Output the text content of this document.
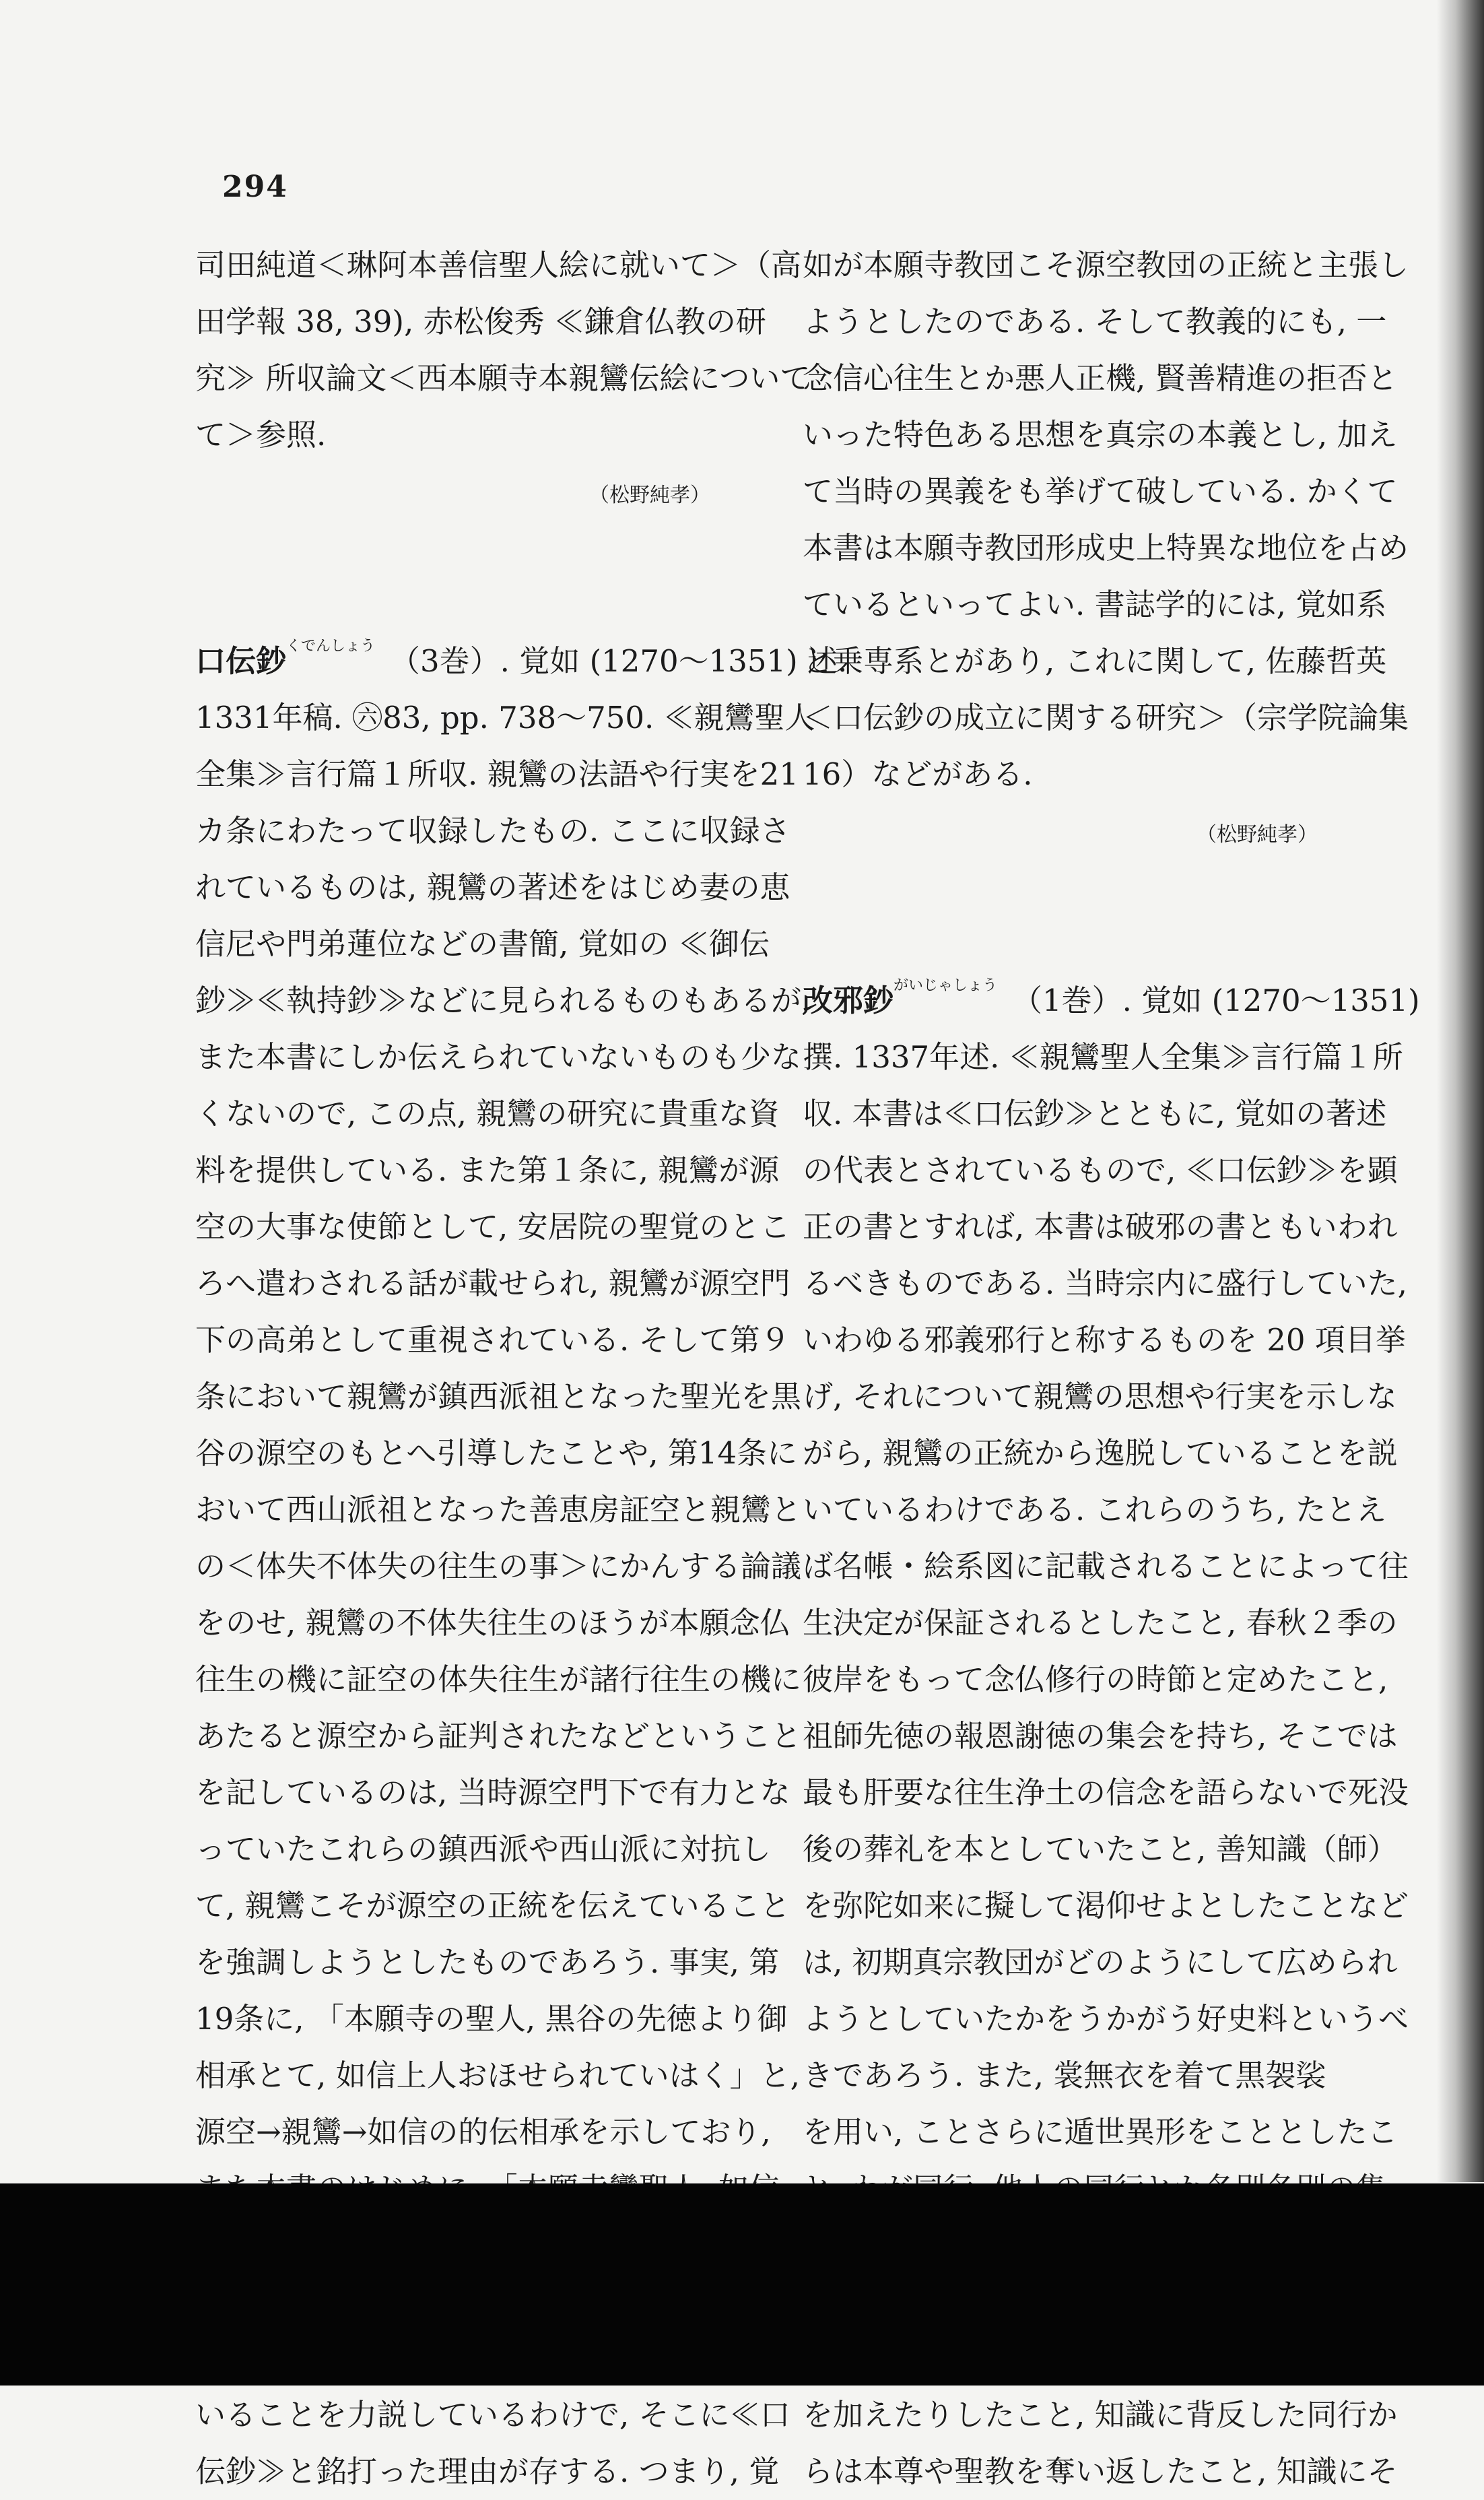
294
司田純道＜琳阿本善信聖人絵に就いて＞（高
田学報 38, 39), 赤松俊秀 ≪鎌倉仏教の研
究≫ 所収論文＜西本願寺本親鸞伝絵について
て＞参照.
（松野純孝）
口伝鈔$^{くでんしょう}$ （3巻）. 覚如 (1270～1351) 述.
1331年稿. ㊅83, pp. 738～750. ≪親鸞聖人
全集≫言行篇１所収. 親鸞の法語や行実を21
カ条にわたって収録したもの. ここに収録さ
れているものは, 親鸞の著述をはじめ妻の恵
信尼や門弟蓮位などの書簡, 覚如の ≪御伝
鈔≫≪執持鈔≫などに見られるものもあるが,
また本書にしか伝えられていないものも少な
くないので, この点, 親鸞の研究に貴重な資
料を提供している. また第１条に, 親鸞が源
空の大事な使節として, 安居院の聖覚のとこ
ろへ遣わされる話が載せられ, 親鸞が源空門
下の高弟として重視されている. そして第９
条において親鸞が鎮西派祖となった聖光を黒
谷の源空のもとへ引導したことや, 第14条に
おいて西山派祖となった善恵房証空と親鸞と
の＜体失不体失の往生の事＞にかんする論議
をのせ, 親鸞の不体失往生のほうが本願念仏
往生の機に証空の体失往生が諸行往生の機に
あたると源空から証判されたなどということ
を記しているのは, 当時源空門下で有力とな
っていたこれらの鎮西派や西山派に対抗し
て, 親鸞こそが源空の正統を伝えていること
を強調しようとしたものであろう. 事実, 第
19条に, 「本願寺の聖人, 黒谷の先徳より御
相承とて, 如信上人おほせられていはく」と,
源空→親鸞→如信の的伝相承を示しており,
いることを力説しているわけで, そこに≪口
伝鈔≫と銘打った理由が存する. つまり, 覚
如が本願寺教団こそ源空教団の正統と主張し
ようとしたのである. そして教義的にも, 一
念信心往生とか悪人正機, 賢善精進の拒否と
いった特色ある思想を真宗の本義とし, 加え
て当時の異義をも挙げて破している. かくて
本書は本願寺教団形成史上特異な地位を占め
ているといってよい. 書誌学的には, 覚如系
と乗専系とがあり, これに関して, 佐藤哲英
＜口伝鈔の成立に関する研究＞（宗学院論集
16）などがある.
（松野純孝）
改邪鈔$^{がいじゃしょう}$ （1巻）. 覚如 (1270～1351)
撰. 1337年述. ≪親鸞聖人全集≫言行篇１所
収. 本書は≪口伝鈔≫とともに, 覚如の著述
の代表とされているもので, ≪口伝鈔≫を顕
正の書とすれば, 本書は破邪の書ともいわれ
るべきものである. 当時宗内に盛行していた,
いわゆる邪義邪行と称するものを 20 項目挙
げ, それについて親鸞の思想や行実を示しな
がら, 親鸞の正統から逸脱していることを説
いているわけである. これらのうち, たとえ
ば名帳・絵系図に記載されることによって往
生決定が保証されるとしたこと, 春秋２季の
彼岸をもって念仏修行の時節と定めたこと,
祖師先徳の報恩謝徳の集会を持ち, そこでは
最も肝要な往生浄土の信念を語らないで死没
後の葬礼を本としていたこと, 善知識（師）
を弥陀如来に擬して渇仰せよとしたことなど
は, 初期真宗教団がどのようにして広められ
ようとしていたかをうかがう好史料というべ
きであろう. また, 裳無衣を着て黒袈裟
を用い, ことさらに遁世異形をこととしたこ
を加えたりしたこと, 知識に背反した同行か
らは本尊や聖教を奪い返したこと, 知識にそ
